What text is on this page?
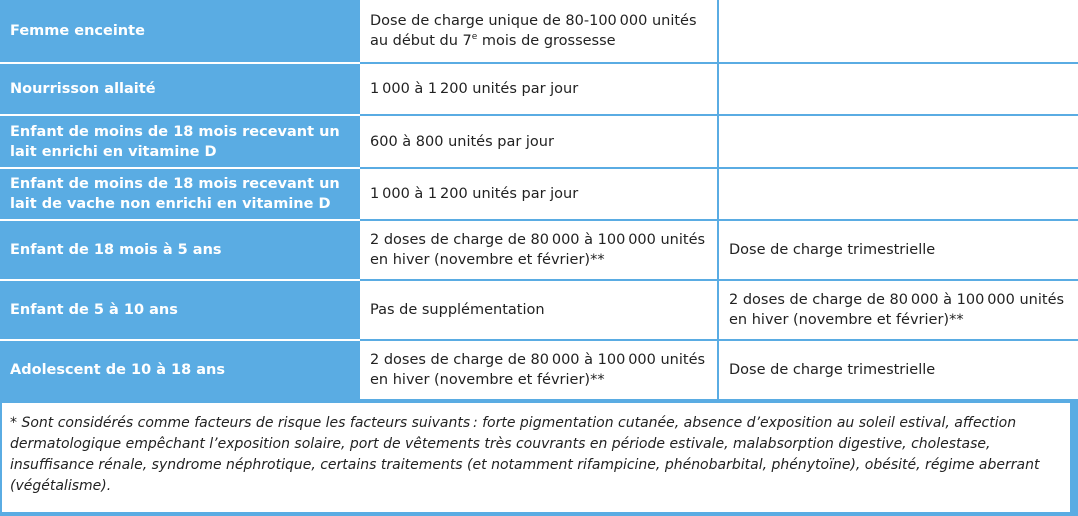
Femme enceinte	Dose de charge unique de 80-100 000 unités
au début du 7e mois de grossesse	
Nourrisson allaité	1 000 à 1 200 unités par jour	
Enfant de moins de 18 mois recevant un lait enrichi en vitamine D	600 à 800 unités par jour	
Enfant de moins de 18 mois recevant un lait de vache non enrichi en vitamine D	1 000 à 1 200 unités par jour	
Enfant de 18 mois à 5 ans	2 doses de charge de 80 000 à 100 000 unités en hiver (novembre et février)**	Dose de charge trimestrielle
Enfant de 5 à 10 ans	Pas de supplémentation	2 doses de charge de 80 000 à 100 000 unités en hiver (novembre et février)**
Adolescent de 10 à 18 ans	2 doses de charge de 80 000 à 100 000 unités en hiver (novembre et février)**	Dose de charge trimestrielle
* Sont considérés comme facteurs de risque les facteurs suivants : forte pigmentation cutanée, absence d’exposition au soleil estival, affection dermatologique empêchant l’exposition solaire, port de vêtements très couvrants en période estivale, malabsorption digestive, cholestase, insuffisance rénale, syndrome néphrotique, certains traitements (et notamment rifampicine, phénobarbital, phénytoïne), obésité, régime aberrant (végétalisme).
